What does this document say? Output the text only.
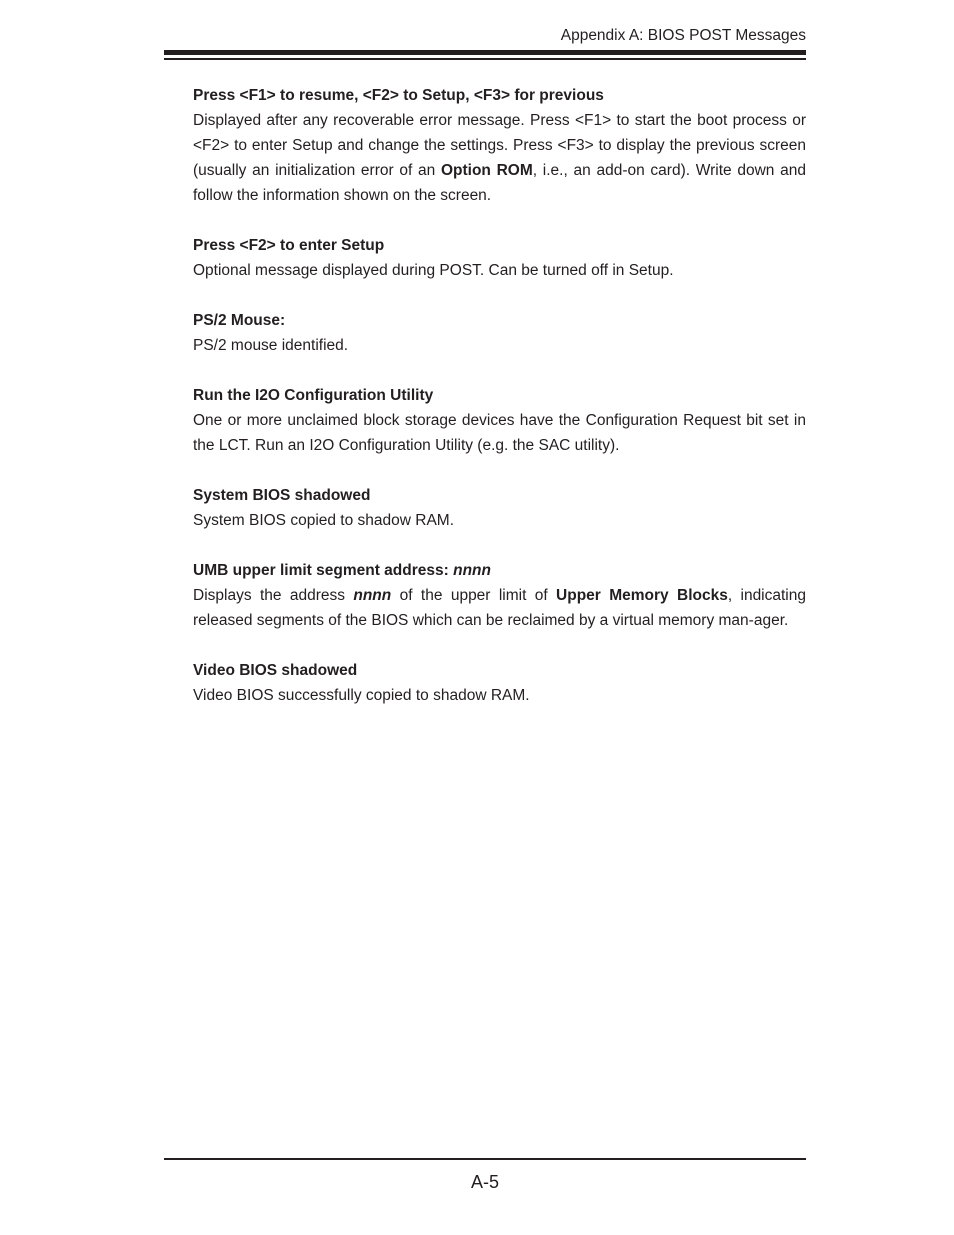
Appendix A: BIOS POST Messages

Press <F1> to resume, <F2> to Setup, <F3> for previous

Displayed after any recoverable error message. Press <F1> to start the boot process or <F2> to enter Setup and change the settings. Press <F3> to display the previous screen (usually an initialization error of an Option ROM, i.e., an add-on card). Write down and follow the information shown on the screen.

Press <F2> to enter Setup

Optional message displayed during POST. Can be turned off in Setup.

PS/2 Mouse:

PS/2 mouse identified.

Run the I2O Configuration Utility

One or more unclaimed block storage devices have the Configuration Request bit set in the LCT. Run an I2O Configuration Utility (e.g. the SAC utility).

System BIOS shadowed

System BIOS copied to shadow RAM.

UMB upper limit segment address: nnnn

Displays the address nnnn of the upper limit of Upper Memory Blocks, indicating released segments of the BIOS which can be reclaimed by a virtual memory man-ager.

Video BIOS shadowed

Video BIOS successfully copied to shadow RAM.

A-5
